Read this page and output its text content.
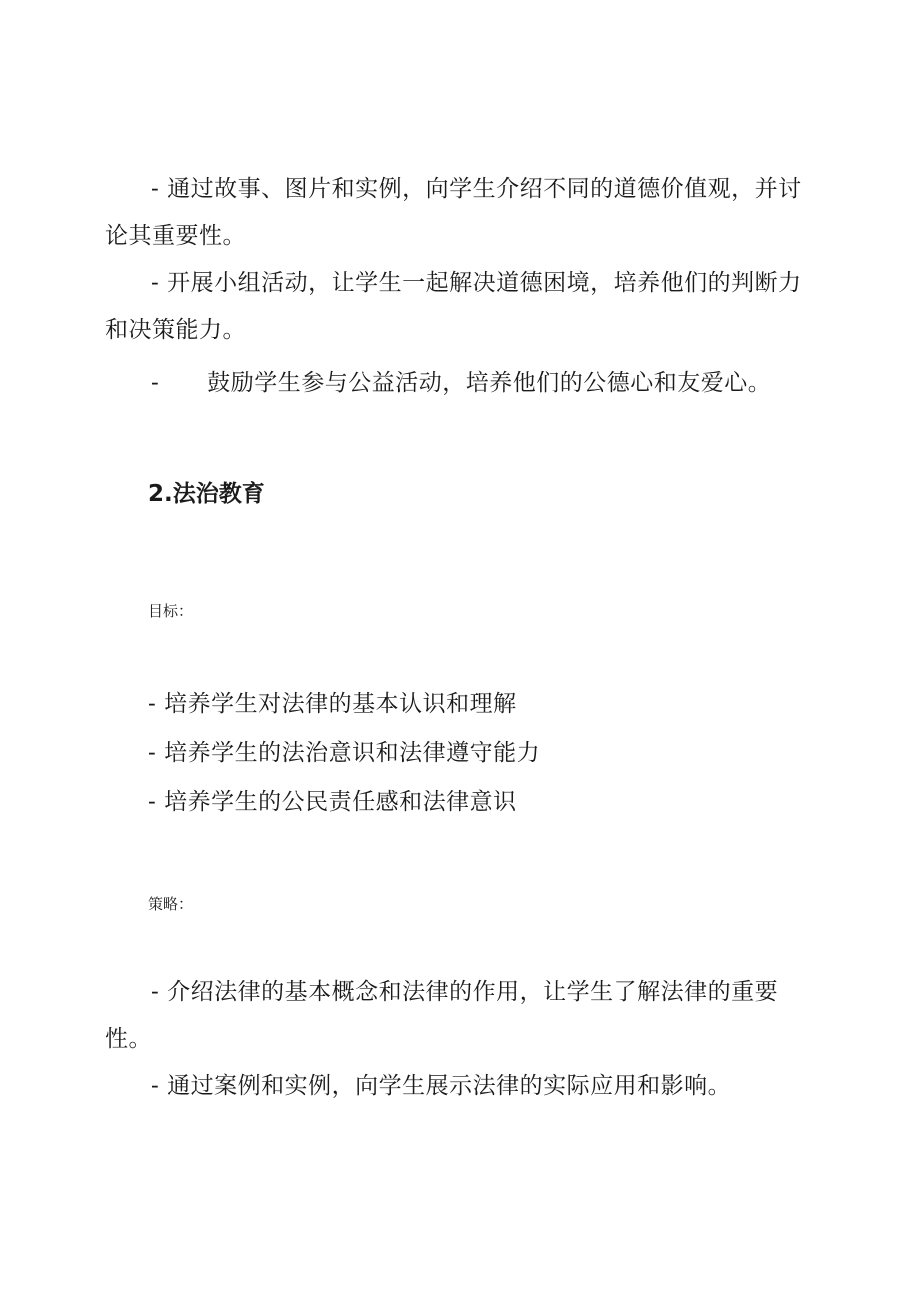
- 通过故事、图片和实例，向学生介绍不同的道德价值观，并讨论其重要性。

- 开展小组活动，让学生一起解决道德困境，培养他们的判断力和决策能力。

- 鼓励学生参与公益活动，培养他们的公德心和友爱心。

2.法治教育

目标：

- 培养学生对法律的基本认识和理解

- 培养学生的法治意识和法律遵守能力

- 培养学生的公民责任感和法律意识

策略：

- 介绍法律的基本概念和法律的作用，让学生了解法律的重要性。

- 通过案例和实例，向学生展示法律的实际应用和影响。
